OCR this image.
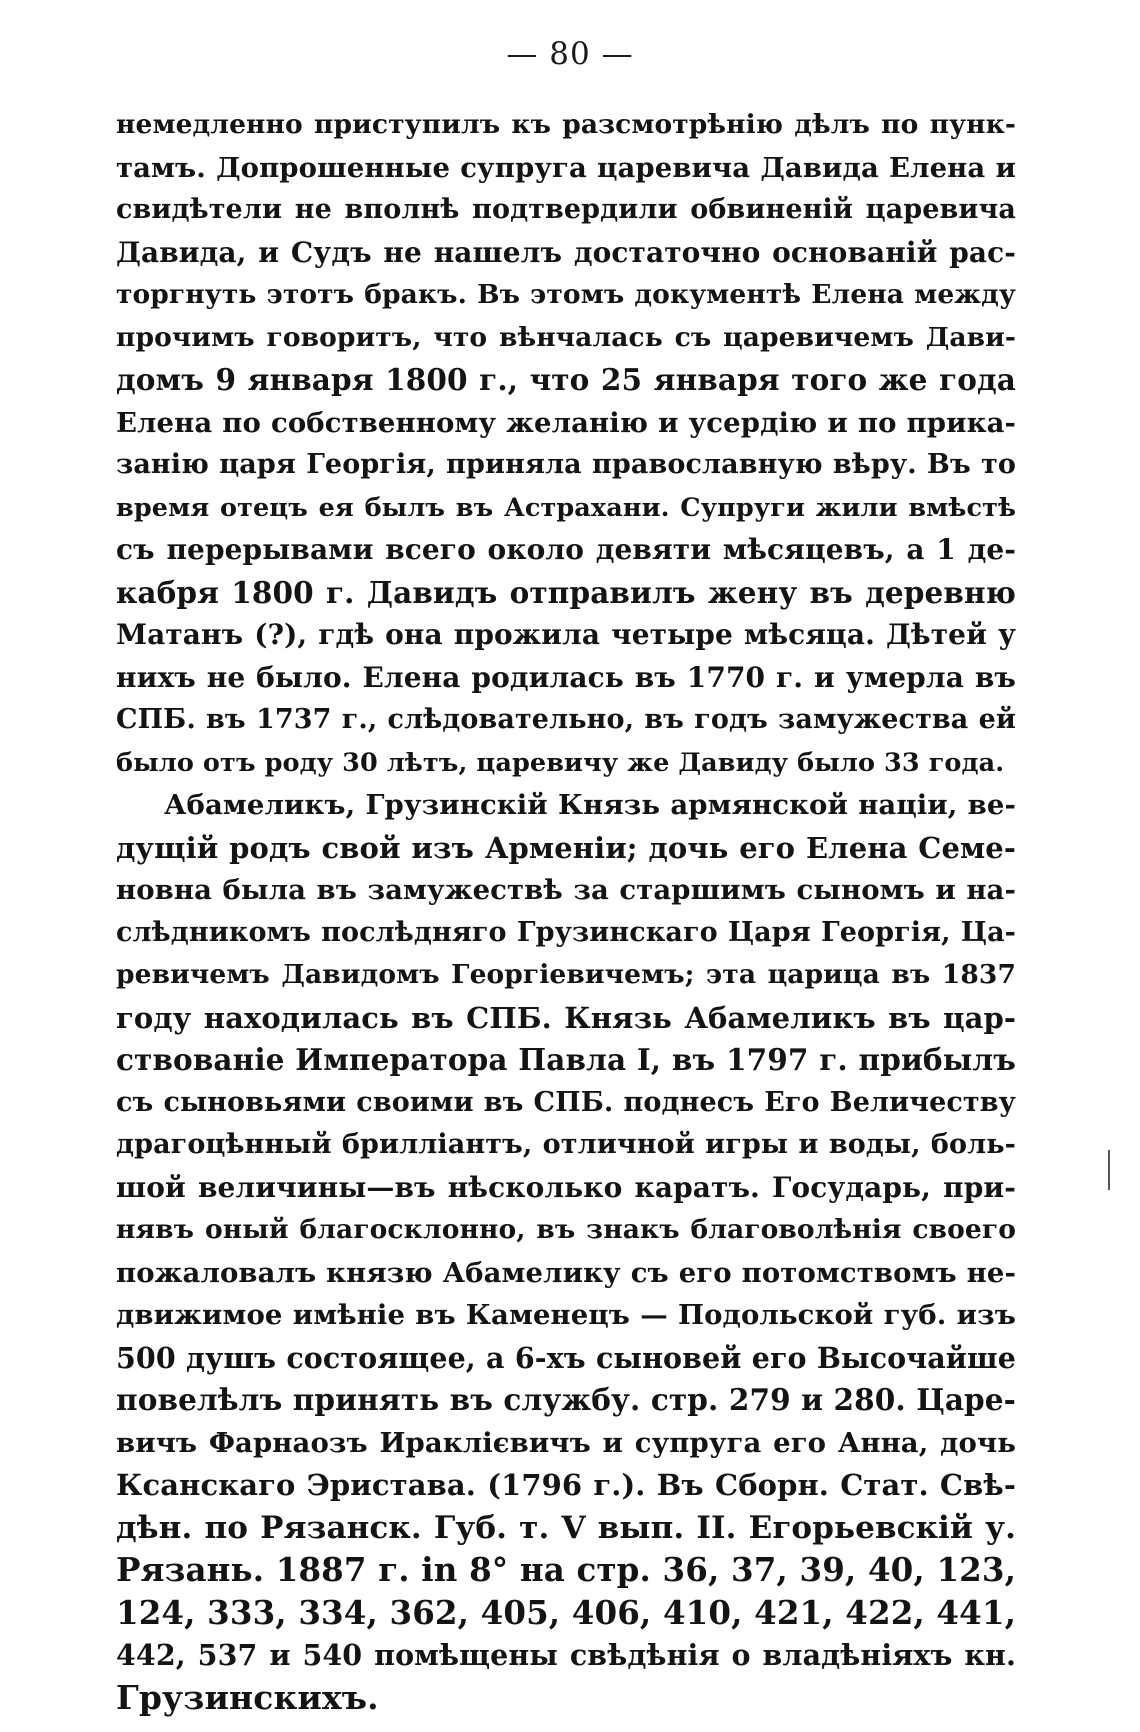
— 80 —
немедленно приступилъ къ разсмотрѣнію дѣлъ по пунк-
тамъ. Допрошенные супруга царевича Давида Елена и
свидѣтели не вполнѣ подтвердили обвиненій царевича
Давида, и Судъ не нашелъ достаточно основаній рас-
торгнуть этотъ бракъ. Въ этомъ документѣ Елена между
прочимъ говоритъ, что вѣнчалась съ царевичемъ Дави-
домъ 9 января 1800 г., что 25 января того же года
Елена по собственному желанію и усердію и по прика-
занію царя Георгія, приняла православную вѣру. Въ то
время отецъ ея былъ въ Астрахани. Супруги жили вмѣстѣ
съ перерывами всего около девяти мѣсяцевъ, а 1 де-
кабря 1800 г. Давидъ отправилъ жену въ деревню
Матанъ (?), гдѣ она прожила четыре мѣсяца. Дѣтей у
нихъ не было. Елена родилась въ 1770 г. и умерла въ
СПБ. въ 1737 г., слѣдовательно, въ годъ замужества ей
было отъ роду 30 лѣтъ, царевичу же Давиду было 33 года.
Абамеликъ, Грузинскій Князь армянской націи, ве-
дущій родъ свой изъ Арменіи; дочь его Елена Семе-
новна была въ замужествѣ за старшимъ сыномъ и на-
слѣдникомъ послѣдняго Грузинскаго Царя Георгія, Ца-
ревичемъ Давидомъ Георгіевичемъ; эта царица въ 1837
году находилась въ СПБ. Князь Абамеликъ въ цар-
ствованіе Императора Павла I, въ 1797 г. прибылъ
съ сыновьями своими въ СПБ. поднесъ Его Величеству
драгоцѣнный брилліантъ, отличной игры и воды, боль-
шой величины—въ нѣсколько каратъ. Государь, при-
нявъ оный благосклонно, въ знакъ благоволѣнія своего
пожаловалъ князю Абамелику съ его потомствомъ не-
движимое имѣніе въ Каменецъ — Подольской губ. изъ
500 душъ состоящее, а 6-хъ сыновей его Высочайше
повелѣлъ принять въ службу. стр. 279 и 280. Царе-
вичъ Фарнаозъ Ираклієвичъ и супруга его Анна, дочь
Ксанскаго Эристава. (1796 г.). Въ Сборн. Стат. Свѣ-
дѣн. по Рязанск. Губ. т. V вып. II. Егорьевскій у.
Рязань. 1887 г. in 8° на стр. 36, 37, 39, 40, 123,
124, 333, 334, 362, 405, 406, 410, 421, 422, 441,
442, 537 и 540 помѣщены свѣдѣнія о владѣніяхъ кн.
Грузинскихъ.
